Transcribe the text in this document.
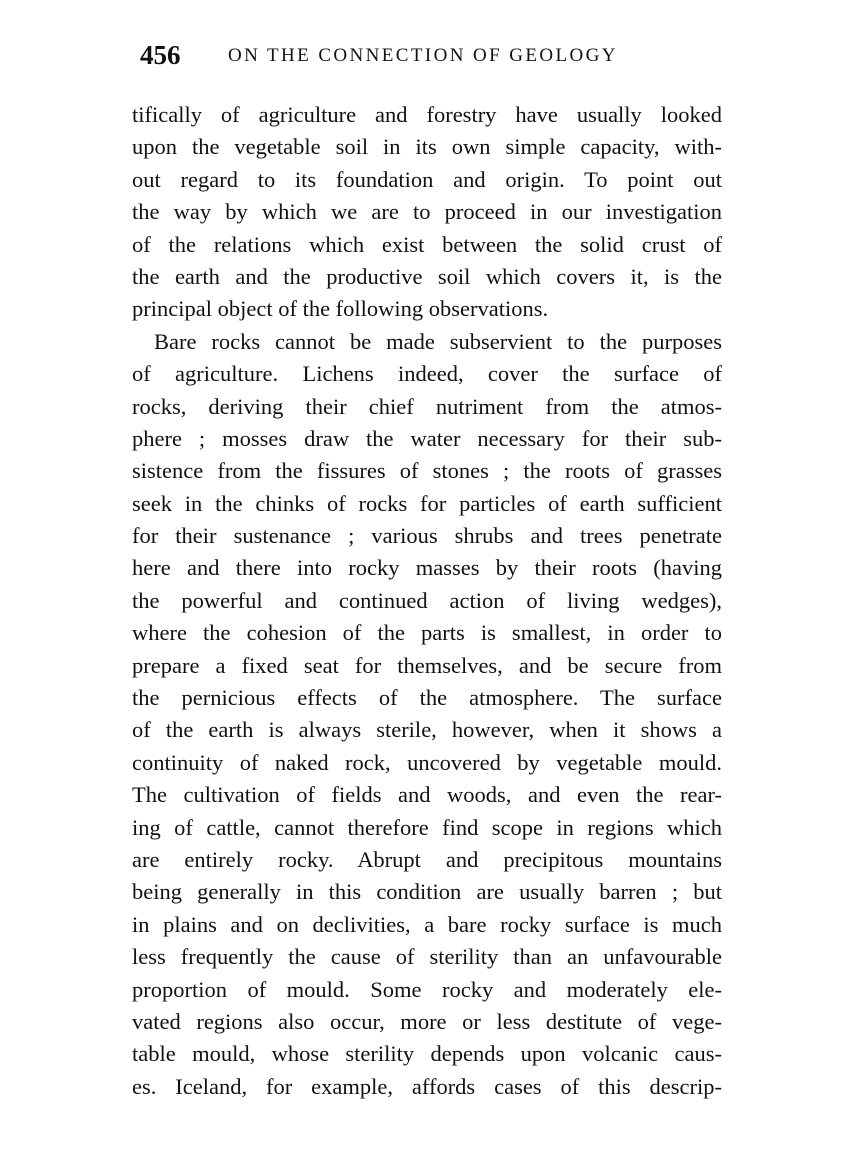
456	ON THE CONNECTION OF GEOLOGY
tifically of agriculture and forestry have usually looked
upon the vegetable soil in its own simple capacity, with-
out regard to its foundation and origin. To point out
the way by which we are to proceed in our investigation
of the relations which exist between the solid crust of
the earth and the productive soil which covers it, is the
principal object of the following observations.
Bare rocks cannot be made subservient to the purposes
of agriculture. Lichens indeed, cover the surface of
rocks, deriving their chief nutriment from the atmos-
phere ; mosses draw the water necessary for their sub-
sistence from the fissures of stones ; the roots of grasses
seek in the chinks of rocks for particles of earth sufficient
for their sustenance ; various shrubs and trees penetrate
here and there into rocky masses by their roots (having
the powerful and continued action of living wedges),
where the cohesion of the parts is smallest, in order to
prepare a fixed seat for themselves, and be secure from
the pernicious effects of the atmosphere. The surface
of the earth is always sterile, however, when it shows a
continuity of naked rock, uncovered by vegetable mould.
The cultivation of fields and woods, and even the rear-
ing of cattle, cannot therefore find scope in regions which
are entirely rocky. Abrupt and precipitous mountains
being generally in this condition are usually barren ; but
in plains and on declivities, a bare rocky surface is much
less frequently the cause of sterility than an unfavourable
proportion of mould. Some rocky and moderately ele-
vated regions also occur, more or less destitute of vege-
table mould, whose sterility depends upon volcanic caus-
es. Iceland, for example, affords cases of this descrip-
